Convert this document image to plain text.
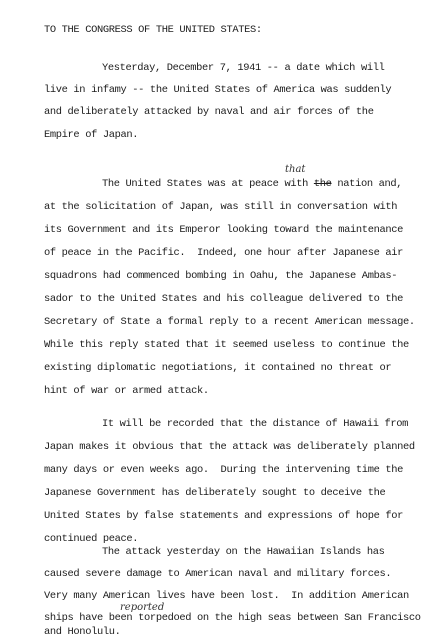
TO THE CONGRESS OF THE UNITED STATES:
Yesterday, December 7, 1941 -- a date which will
live in infamy -- the United States of America was suddenly
and deliberately attacked by naval and air forces of the
Empire of Japan.
that
The United States was at peace with the nation and,
at the solicitation of Japan, was still in conversation with
its Government and its Emperor looking toward the maintenance
of peace in the Pacific.  Indeed, one hour after Japanese air
squadrons had commenced bombing in Oahu, the Japanese Ambas-
sador to the United States and his colleague delivered to the
Secretary of State a formal reply to a recent American message.
While this reply stated that it seemed useless to continue the
existing diplomatic negotiations, it contained no threat or
hint of war or armed attack.
It will be recorded that the distance of Hawaii from
Japan makes it obvious that the attack was deliberately planned
many days or even weeks ago.  During the intervening time the
Japanese Government has deliberately sought to deceive the
United States by false statements and expressions of hope for
continued peace.
The attack yesterday on the Hawaiian Islands has
caused severe damage to American naval and military forces.
Very many American lives have been lost.  In addition American
reported
ships have been torpedoed on the high seas between San Francisco
and Honolulu.
